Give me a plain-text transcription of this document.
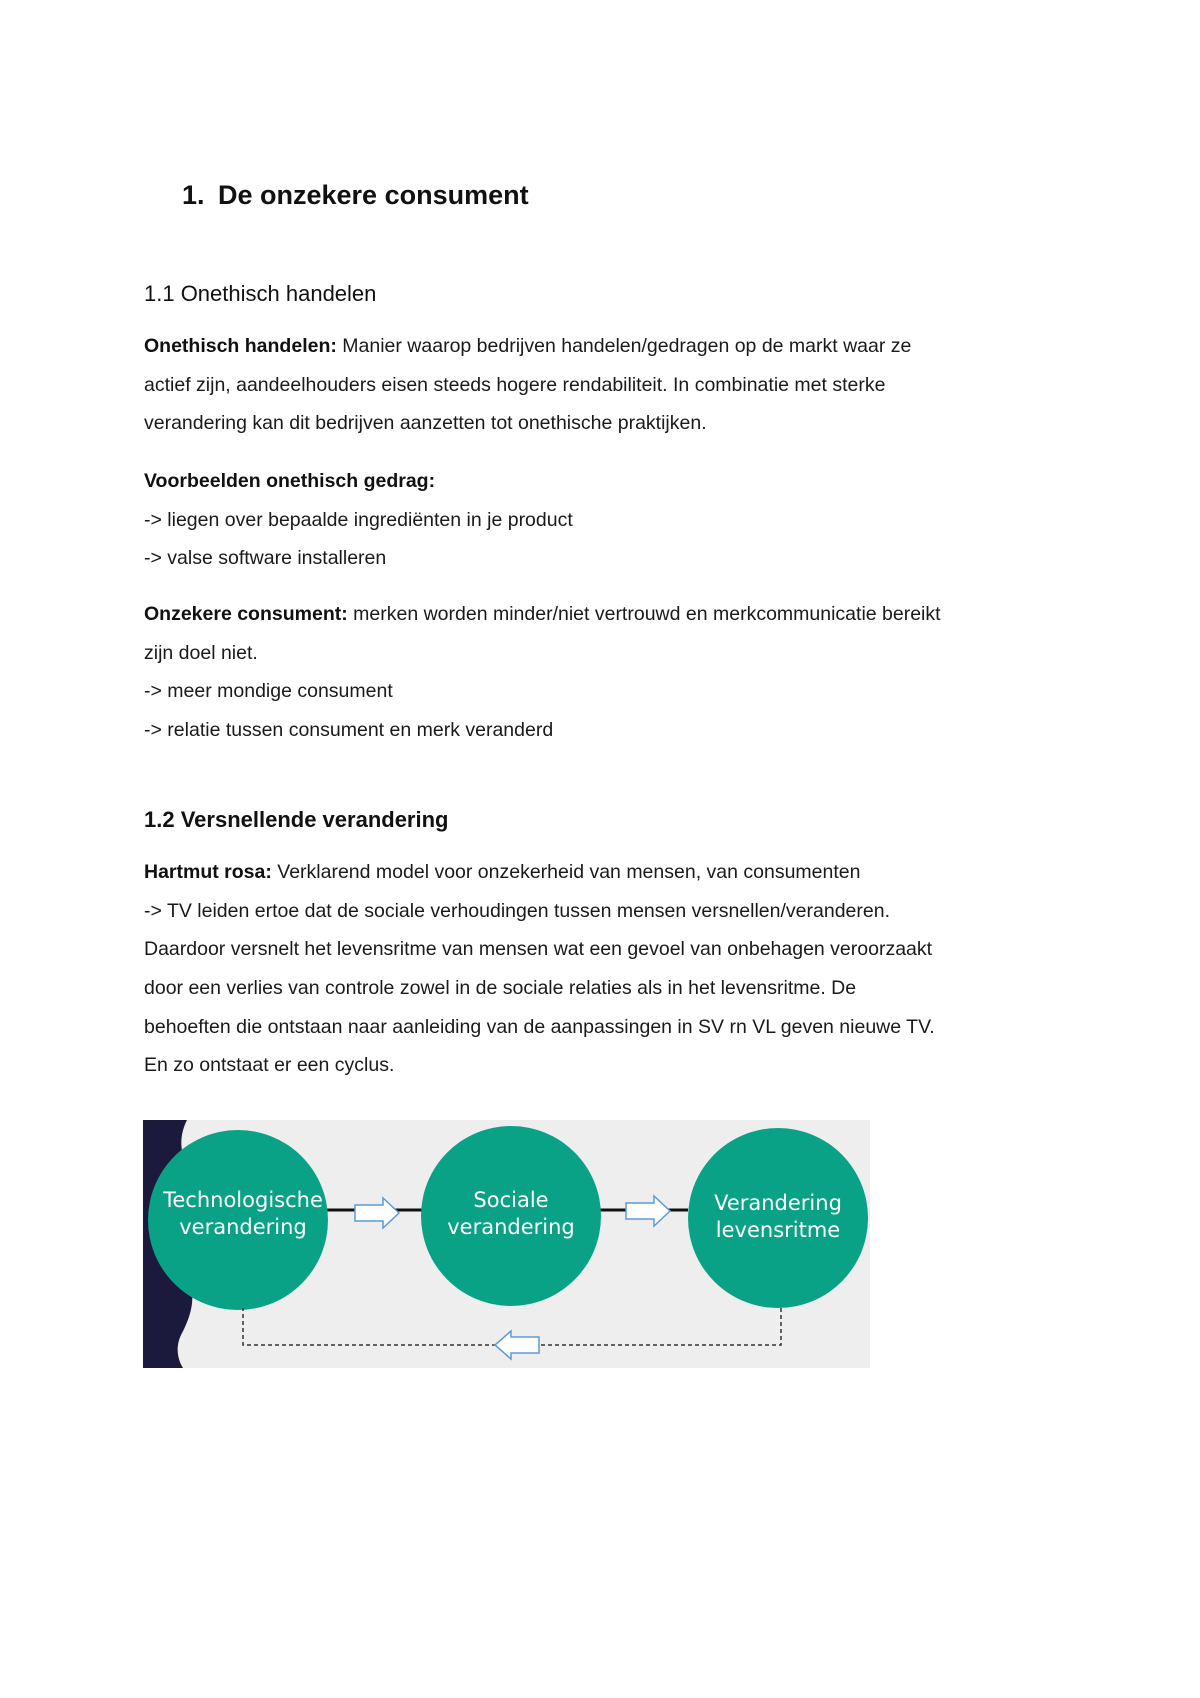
1. De onzekere consument
1.1 Onethisch handelen
Onethisch handelen: Manier waarop bedrijven handelen/gedragen op de markt waar ze
actief zijn, aandeelhouders eisen steeds hogere rendabiliteit. In combinatie met sterke
verandering kan dit bedrijven aanzetten tot onethische praktijken.
Voorbeelden onethisch gedrag:
-> liegen over bepaalde ingrediënten in je product
-> valse software installeren
Onzekere consument: merken worden minder/niet vertrouwd en merkcommunicatie bereikt
zijn doel niet.
-> meer mondige consument
-> relatie tussen consument en merk veranderd
1.2 Versnellende verandering
Hartmut rosa: Verklarend model voor onzekerheid van mensen, van consumenten
-> TV leiden ertoe dat de sociale verhoudingen tussen mensen versnellen/veranderen.
Daardoor versnelt het levensritme van mensen wat een gevoel van onbehagen veroorzaakt
door een verlies van controle zowel in de sociale relaties als in het levensritme. De
behoeften die ontstaan naar aanleiding van de aanpassingen in SV rn VL geven nieuwe TV.
En zo ontstaat er een cyclus.
Technologische
verandering
Sociale
verandering
Verandering
levensritme
